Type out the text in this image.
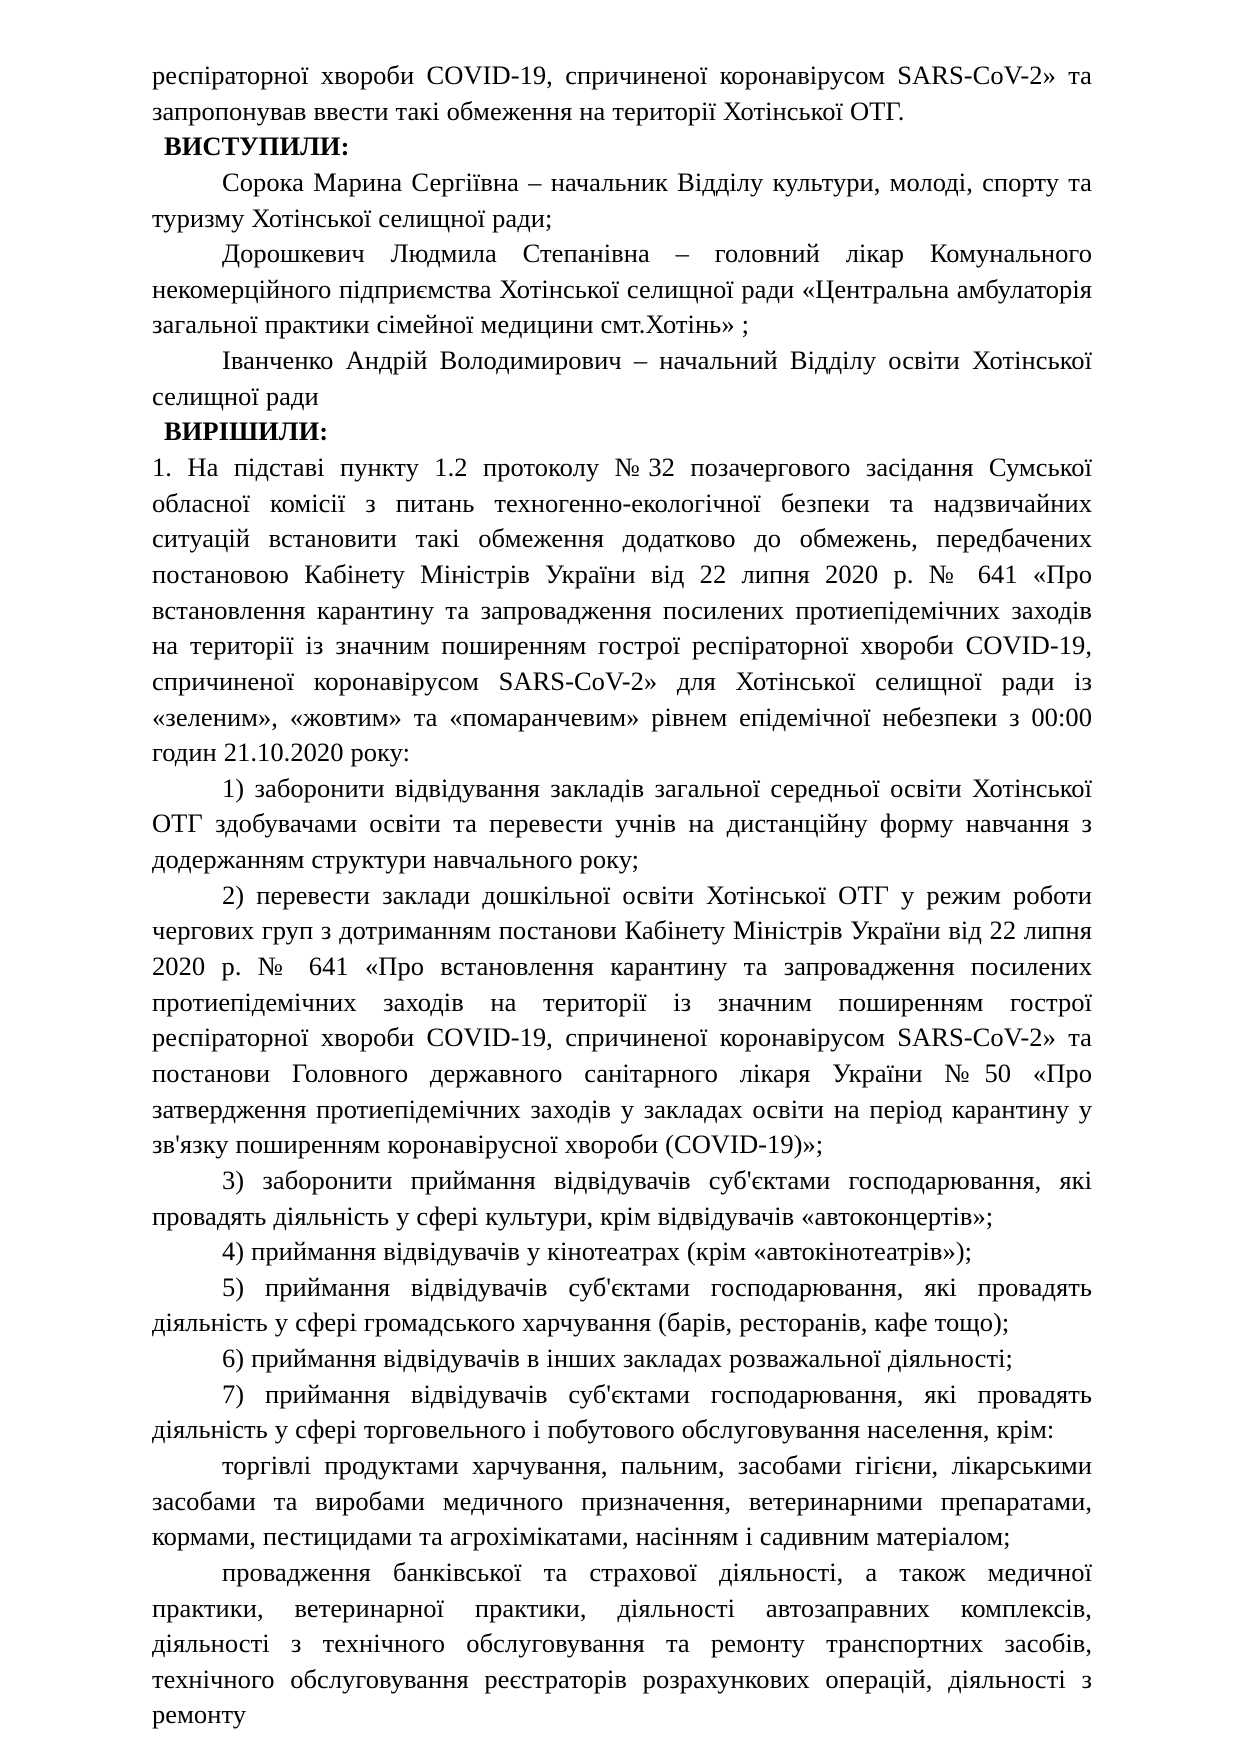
респіраторної хвороби COVID-19, спричиненої коронавірусом SARS-CoV-2» та запропонував ввести такі обмеження на території Хотінської ОТГ.

ВИСТУПИЛИ:

Сорока Марина Сергіївна – начальник Відділу культури, молоді, спорту та туризму Хотінської селищної ради;

Дорошкевич Людмила Степанівна – головний лікар Комунального некомерційного підприємства Хотінської селищної ради «Центральна амбулаторія загальної практики сімейної медицини смт.Хотінь» ;

Іванченко Андрій Володимирович – начальний Відділу освіти Хотінської селищної ради

ВИРІШИЛИ:

1. На підставі пункту 1.2 протоколу №32 позачергового засідання Сумської обласної комісії з питань техногенно-екологічної безпеки та надзвичайних ситуацій встановити такі обмеження додатково до обмежень, передбачених постановою Кабінету Міністрів України від 22 липня 2020 р. № 641 «Про встановлення карантину та запровадження посилених протиепідемічних заходів на території із значним поширенням гострої респіраторної хвороби COVID-19, спричиненої коронавірусом SARS-CoV-2» для Хотінської селищної ради із «зеленим», «жовтим» та «помаранчевим» рівнем епідемічної небезпеки з 00:00 годин 21.10.2020 року:

1) заборонити відвідування закладів загальної середньої освіти Хотінської ОТГ здобувачами освіти та перевести учнів на дистанційну форму навчання з додержанням структури навчального року;

2) перевести заклади дошкільної освіти Хотінської ОТГ у режим роботи чергових груп з дотриманням постанови Кабінету Міністрів України від 22 липня 2020 р. № 641 «Про встановлення карантину та запровадження посилених протиепідемічних заходів на території із значним поширенням гострої респіраторної хвороби COVID-19, спричиненої коронавірусом SARS-CoV-2» та постанови Головного державного санітарного лікаря України №50 «Про затвердження протиепідемічних заходів у закладах освіти на період карантину у зв'язку поширенням коронавірусної хвороби (COVID-19)»;

3) заборонити приймання відвідувачів суб'єктами господарювання, які провадять діяльність у сфері культури, крім відвідувачів «автоконцертів»;

4) приймання відвідувачів у кінотеатрах (крім «автокінотеатрів»);

5) приймання відвідувачів суб'єктами господарювання, які провадять діяльність у сфері громадського харчування (барів, ресторанів, кафе тощо);

6) приймання відвідувачів в інших закладах розважальної діяльності;

7) приймання відвідувачів суб'єктами господарювання, які провадять діяльність у сфері торговельного і побутового обслуговування населення, крім:

торгівлі продуктами харчування, пальним, засобами гігієни, лікарськими засобами та виробами медичного призначення, ветеринарними препаратами, кормами, пестицидами та агрохімікатами, насінням і садивним матеріалом;

провадження банківської та страхової діяльності, а також медичної практики, ветеринарної практики, діяльності автозаправних комплексів, діяльності з технічного обслуговування та ремонту транспортних засобів, технічного обслуговування реєстраторів розрахункових операцій, діяльності з ремонту
